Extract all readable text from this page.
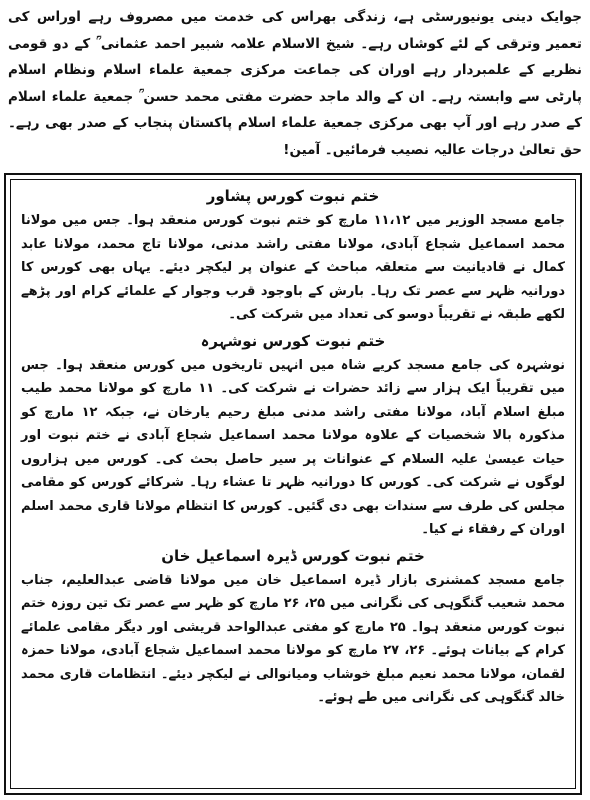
جوایک دینی یونیورسٹی ہے، زندگی بھراس کی خدمت میں مصروف رہے اوراس کی تعمیر وترقی کے لئے کوشاں رہے۔ شیخ الاسلام علامہ شبیر احمد عثمانی ؒ کے دو قومی نظریے کے علمبردار رہے اوران کی جماعت مرکزی جمعیة علماء اسلام ونظام اسلام پارٹی سے وابستہ رہے۔ ان کے والد ماجد حضرت مفتی محمد حسن ؒ جمعیة علماء اسلام کے صدر رہے اور آپ بھی مرکزی جمعیة علماء اسلام پاکستان پنجاب کے صدر بھی رہے۔ حق تعالیٰ درجات عالیہ نصیب فرمائیں۔ آمین!

ختم نبوت کورس پشاور

جامع مسجد الوزیر میں ۱۱،۱۲ مارچ کو ختم نبوت کورس منعقد ہوا۔ جس میں مولانا محمد اسماعیل شجاع آبادی، مولانا مفتی راشد مدنی، مولانا تاج محمد، مولانا عابد کمال نے قادیانیت سے متعلقہ مباحث کے عنوان پر لیکچر دیئے۔ یہاں بھی کورس کا دورانیہ ظہر سے عصر تک رہا۔ بارش کے باوجود قرب وجوار کے علمائے کرام اور پڑھے لکھے طبقہ نے تقریباً دوسو کی تعداد میں شرکت کی۔

ختم نبوت کورس نوشہرہ

نوشہرہ کی جامع مسجد کریے شاہ میں انہیں تاریخوں میں کورس منعقد ہوا۔ جس میں تقریباً ایک ہزار سے زائد حضرات نے شرکت کی۔ ۱۱ مارچ کو مولانا محمد طیب مبلغ اسلام آباد، مولانا مفتی راشد مدنی مبلغ رحیم یارخان نے، جبکہ ۱۲ مارچ کو مذکورہ بالا شخصیات کے علاوہ مولانا محمد اسماعیل شجاع آبادی نے ختم نبوت اور حیات عیسیٰ علیہ السلام کے عنوانات پر سیر حاصل بحث کی۔ کورس میں ہزاروں لوگوں نے شرکت کی۔ کورس کا دورانیہ ظہر تا عشاء رہا۔ شرکائے کورس کو مقامی مجلس کی طرف سے سندات بھی دی گئیں۔ کورس کا انتظام مولانا قاری محمد اسلم اوران کے رفقاء نے کیا۔

ختم نبوت کورس ڈیرہ اسماعیل خان

جامع مسجد کمشنری بازار ڈیرہ اسماعیل خان میں مولانا قاضی عبدالعلیم، جناب محمد شعیب گنگوہی کی نگرانی میں ۲۵، ۲۶ مارچ کو ظہر سے عصر تک تین روزہ ختم نبوت کورس منعقد ہوا۔ ۲۵ مارچ کو مفتی عبدالواحد قریشی اور دیگر مقامی علمائے کرام کے بیانات ہوئے۔ ۲۶، ۲۷ مارچ کو مولانا محمد اسماعیل شجاع آبادی، مولانا حمزہ لقمان، مولانا محمد نعیم مبلغ خوشاب ومیانوالی نے لیکچر دیئے۔ انتظامات قاری محمد خالد گنگوہی کی نگرانی میں طے ہوئے۔
